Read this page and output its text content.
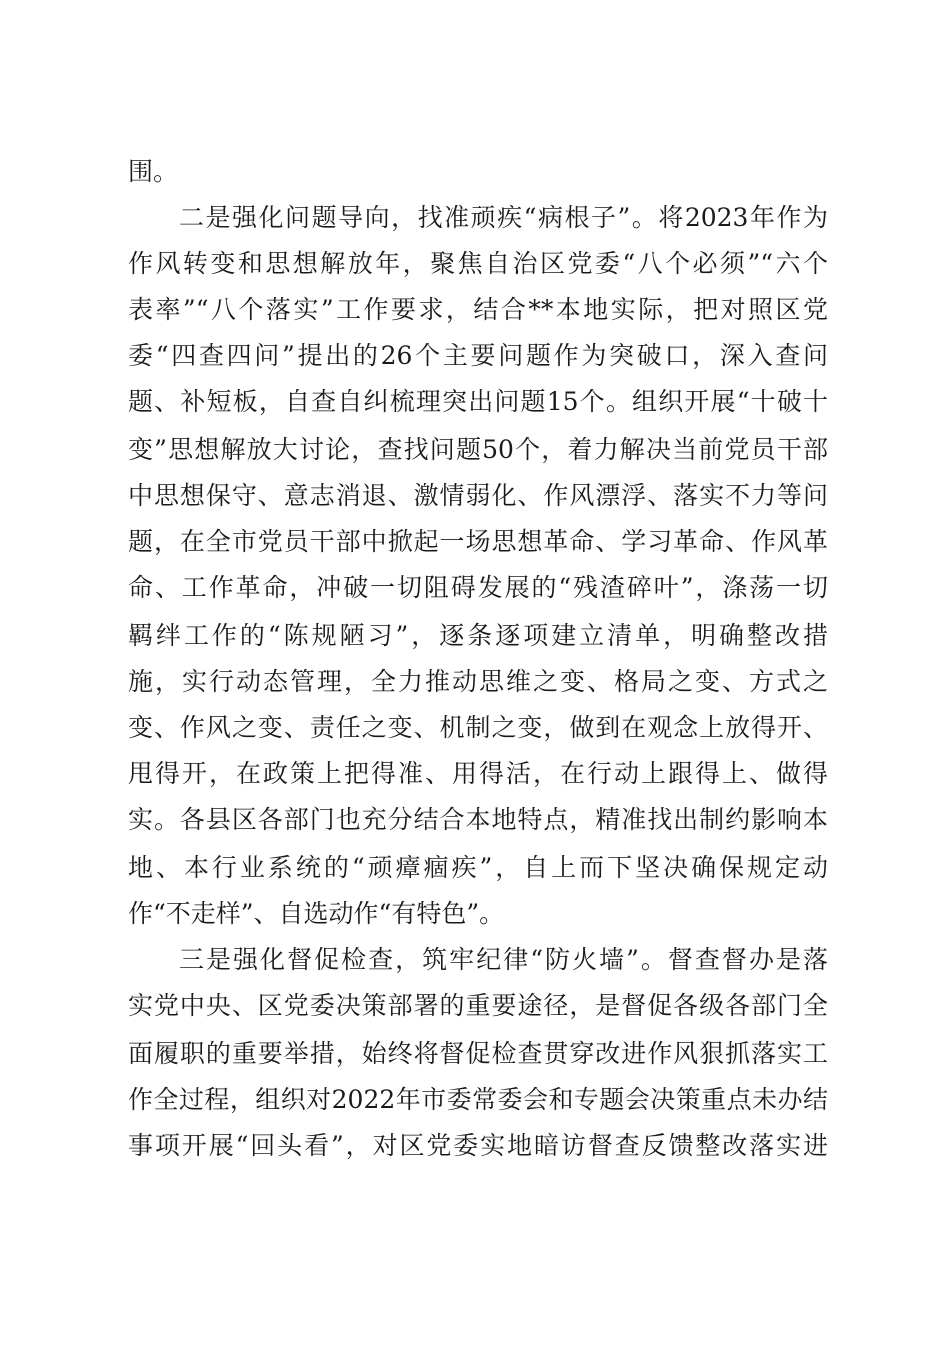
围。
二是强化问题导向，找准顽疾“病根子”。将2023年作为
作风转变和思想解放年，聚焦自治区党委“八个必须”“六个
表率”“八个落实”工作要求，结合**本地实际，把对照区党
委“四查四问”提出的26个主要问题作为突破口，深入查问
题、补短板，自查自纠梳理突出问题15个。组织开展“十破十
变”思想解放大讨论，查找问题50个，着力解决当前党员干部
中思想保守、意志消退、激情弱化、作风漂浮、落实不力等问
题，在全市党员干部中掀起一场思想革命、学习革命、作风革
命、工作革命，冲破一切阻碍发展的“残渣碎叶”，涤荡一切
羁绊工作的“陈规陋习”，逐条逐项建立清单，明确整改措
施，实行动态管理，全力推动思维之变、格局之变、方式之
变、作风之变、责任之变、机制之变，做到在观念上放得开、
甩得开，在政策上把得准、用得活，在行动上跟得上、做得
实。各县区各部门也充分结合本地特点，精准找出制约影响本
地、本行业系统的“顽瘴痼疾”，自上而下坚决确保规定动
作“不走样”、自选动作“有特色”。
三是强化督促检查，筑牢纪律“防火墙”。督查督办是落
实党中央、区党委决策部署的重要途径，是督促各级各部门全
面履职的重要举措，始终将督促检查贯穿改进作风狠抓落实工
作全过程，组织对2022年市委常委会和专题会决策重点未办结
事项开展“回头看”，对区党委实地暗访督查反馈整改落实进
